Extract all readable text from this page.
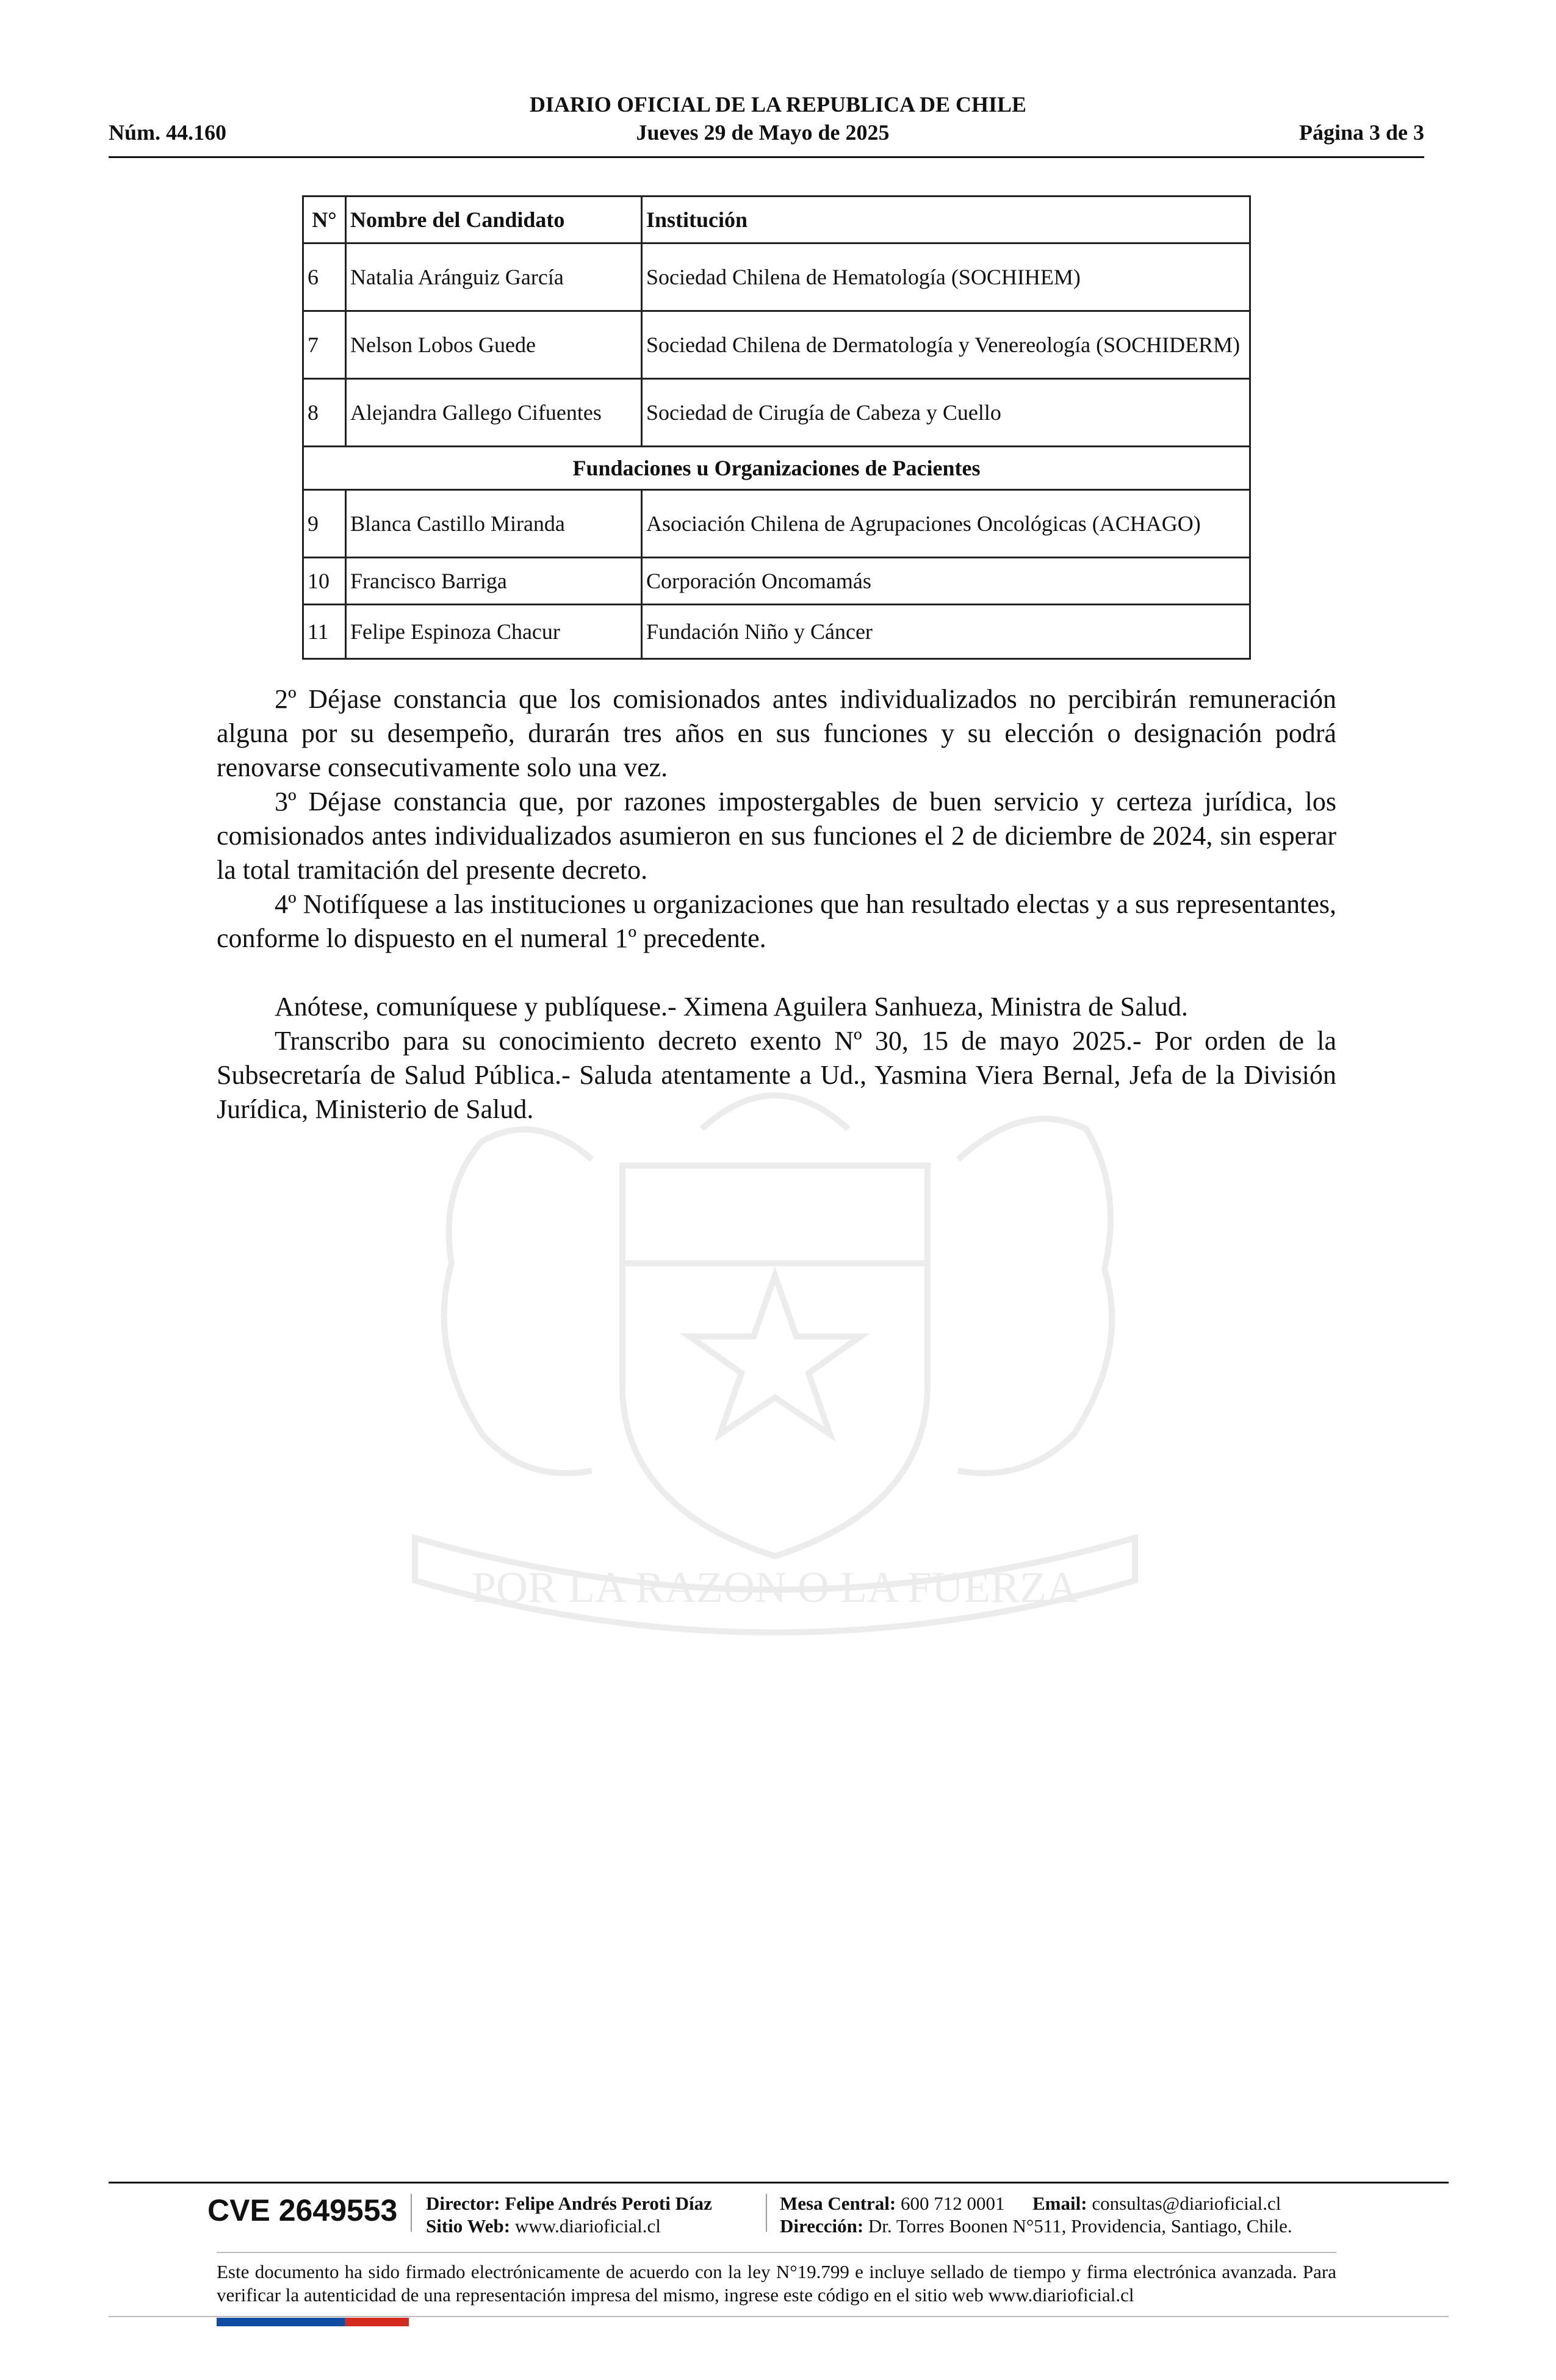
POR LA RAZON O LA FUERZA
DIARIO OFICIAL DE LA REPUBLICA DE CHILE
Núm. 44.160	Jueves 29 de Mayo de 2025	Página 3 de 3
N°	Nombre del Candidato	Institución
6	Natalia Aránguiz García	Sociedad Chilena de Hematología (SOCHIHEM)
7	Nelson Lobos Guede	Sociedad Chilena de Dermatología y Venereología (SOCHIDERM)
8	Alejandra Gallego Cifuentes	Sociedad de Cirugía de Cabeza y Cuello
Fundaciones u Organizaciones de Pacientes		
9	Blanca Castillo Miranda	Asociación Chilena de Agrupaciones Oncológicas (ACHAGO)
10	Francisco Barriga	Corporación Oncomamás
11	Felipe Espinoza Chacur	Fundación Niño y Cáncer

2º Déjase constancia que los comisionados antes individualizados no percibirán remuneración alguna por su desempeño, durarán tres años en sus funciones y su elección o designación podrá renovarse consecutivamente solo una vez.

3º Déjase constancia que, por razones impostergables de buen servicio y certeza jurídica, los comisionados antes individualizados asumieron en sus funciones el 2 de diciembre de 2024, sin esperar la total tramitación del presente decreto.

4º Notifíquese a las instituciones u organizaciones que han resultado electas y a sus representantes, conforme lo dispuesto en el numeral 1º precedente.

Anótese, comuníquese y publíquese.- Ximena Aguilera Sanhueza, Ministra de Salud.

Transcribo para su conocimiento decreto exento Nº 30, 15 de mayo 2025.- Por orden de la Subsecretaría de Salud Pública.- Saluda atentamente a Ud., Yasmina Viera Bernal, Jefa de la División Jurídica, Ministerio de Salud.

CVE 2649553 Director: Felipe Andrés Peroti Díaz
Sitio Web: www.diarioficial.cl
Mesa Central: 600 712 0001 Email: consultas@diarioficial.cl
Dirección: Dr. Torres Boonen N°511, Providencia, Santiago, Chile.
Este documento ha sido firmado electrónicamente de acuerdo con la ley N°19.799 e incluye sellado de tiempo y firma electrónica avanzada. Para verificar la autenticidad de una representación impresa del mismo, ingrese este código en el sitio web www.diarioficial.cl
